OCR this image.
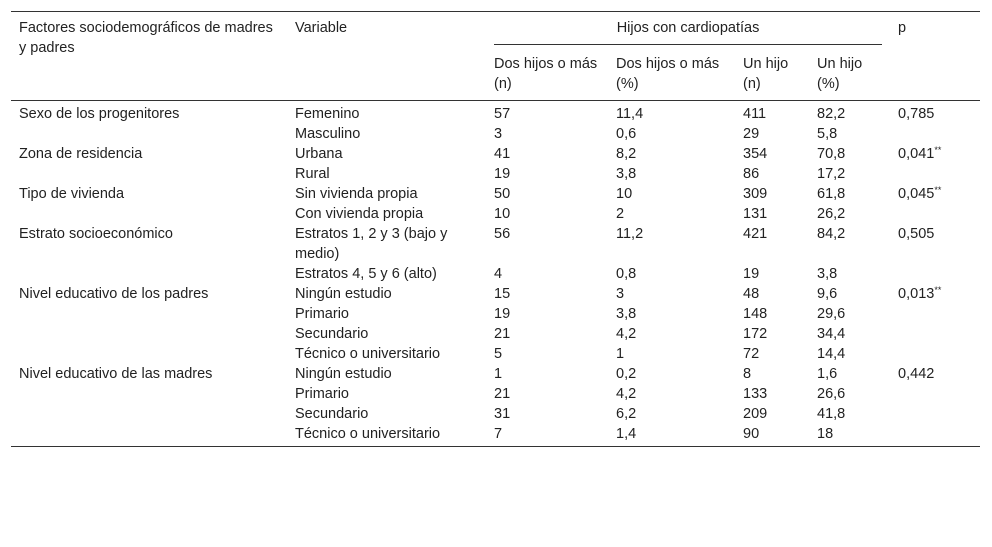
Factores sociodemográficos de madres y padres	Variable	Hijos con cardiopatías				p
		Dos hijos o más (n)	Dos hijos o más (%)	Un hijo (n)	Un hijo (%)	
Sexo de los progenitores	Femenino	57	11,4	411	82,2	0,785
	Masculino	3	0,6	29	5,8	
Zona de residencia	Urbana	41	8,2	354	70,8	0,041**
	Rural	19	3,8	86	17,2	
Tipo de vivienda	Sin vivienda propia	50	10	309	61,8	0,045**
	Con vivienda propia	10	2	131	26,2	
Estrato socioeconómico	Estratos 1, 2 y 3 (bajo y medio)	56	11,2	421	84,2	0,505
	Estratos 4, 5 y 6 (alto)	4	0,8	19	3,8	
Nivel educativo de los padres	Ningún estudio	15	3	48	9,6	0,013**
	Primario	19	3,8	148	29,6	
	Secundario	21	4,2	172	34,4	
	Técnico o universitario	5	1	72	14,4	
Nivel educativo de las madres	Ningún estudio	1	0,2	8	1,6	0,442
	Primario	21	4,2	133	26,6	
	Secundario	31	6,2	209	41,8	
	Técnico o universitario	7	1,4	90	18	
